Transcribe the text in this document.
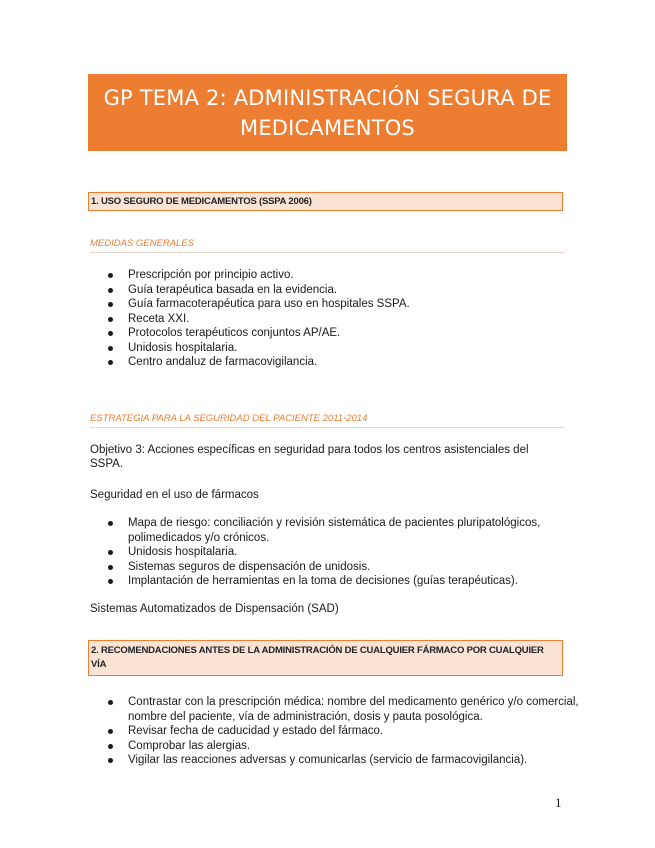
GP TEMA 2: ADMINISTRACIÓN SEGURA DE
MEDICAMENTOS
1. USO SEGURO DE MEDICAMENTOS (SSPA 2006)
MEDIDAS GENERALES
Prescripción por principio activo.
Guía terapéutica basada en la evidencia.
Guía farmacoterapéutica para uso en hospitales SSPA.
Receta XXI.
Protocolos terapéuticos conjuntos AP/AE.
Unidosis hospitalaria.
Centro andaluz de farmacovigilancia.
ESTRATEGIA PARA LA SEGURIDAD DEL PACIENTE 2011-2014
Objetivo 3: Acciones específicas en seguridad para todos los centros asistenciales del SSPA.
Seguridad en el uso de fármacos
Mapa de riesgo: conciliación y revisión sistemática de pacientes pluripatológicos, polimedicados y/o crónicos.
Unidosis hospitalaria.
Sistemas seguros de dispensación de unidosis.
Implantación de herramientas en la toma de decisiones (guías terapéuticas).
Sistemas Automatizados de Dispensación (SAD)
2. RECOMENDACIONES ANTES DE LA ADMINISTRACIÓN DE CUALQUIER FÁRMACO POR CUALQUIER VÍA
Contrastar con la prescripción médica: nombre del medicamento genérico y/o comercial, nombre del paciente, vía de administración, dosis y pauta posológica.
Revisar fecha de caducidad y estado del fármaco.
Comprobar las alergias.
Vigilar las reacciones adversas y comunicarlas (servicio de farmacovigilancia).
1
